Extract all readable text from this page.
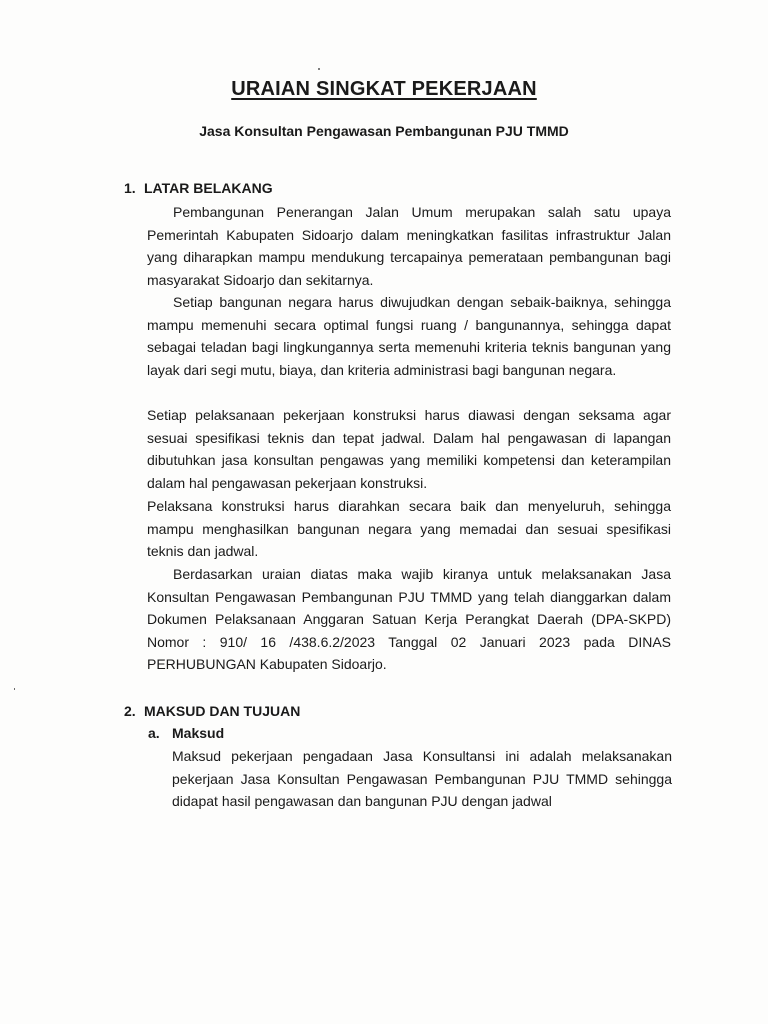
URAIAN SINGKAT PEKERJAAN
Jasa Konsultan Pengawasan Pembangunan PJU TMMD
1. LATAR BELAKANG
Pembangunan Penerangan Jalan Umum merupakan salah satu upaya Pemerintah Kabupaten Sidoarjo dalam meningkatkan fasilitas infrastruktur Jalan yang diharapkan mampu mendukung tercapainya pemerataan pembangunan bagi masyarakat Sidoarjo dan sekitarnya.
Setiap bangunan negara harus diwujudkan dengan sebaik-baiknya, sehingga mampu memenuhi secara optimal fungsi ruang / bangunannya, sehingga dapat sebagai teladan bagi lingkungannya serta memenuhi kriteria teknis bangunan yang layak dari segi mutu, biaya, dan kriteria administrasi bagi bangunan negara.
Setiap pelaksanaan pekerjaan konstruksi harus diawasi dengan seksama agar sesuai spesifikasi teknis dan tepat jadwal. Dalam hal pengawasan di lapangan dibutuhkan jasa konsultan pengawas yang memiliki kompetensi dan keterampilan dalam hal pengawasan pekerjaan konstruksi.
Pelaksana konstruksi harus diarahkan secara baik dan menyeluruh, sehingga mampu menghasilkan bangunan negara yang memadai dan sesuai spesifikasi teknis dan jadwal.
Berdasarkan uraian diatas maka wajib kiranya untuk melaksanakan Jasa Konsultan Pengawasan Pembangunan PJU TMMD yang telah dianggarkan dalam Dokumen Pelaksanaan Anggaran Satuan Kerja Perangkat Daerah (DPA-SKPD) Nomor : 910/ 16 /438.6.2/2023 Tanggal 02 Januari 2023 pada DINAS PERHUBUNGAN Kabupaten Sidoarjo.
2. MAKSUD DAN TUJUAN
a. Maksud
Maksud pekerjaan pengadaan Jasa Konsultansi ini adalah melaksanakan pekerjaan Jasa Konsultan Pengawasan Pembangunan PJU TMMD sehingga didapat hasil pengawasan dan bangunan PJU dengan jadwal
